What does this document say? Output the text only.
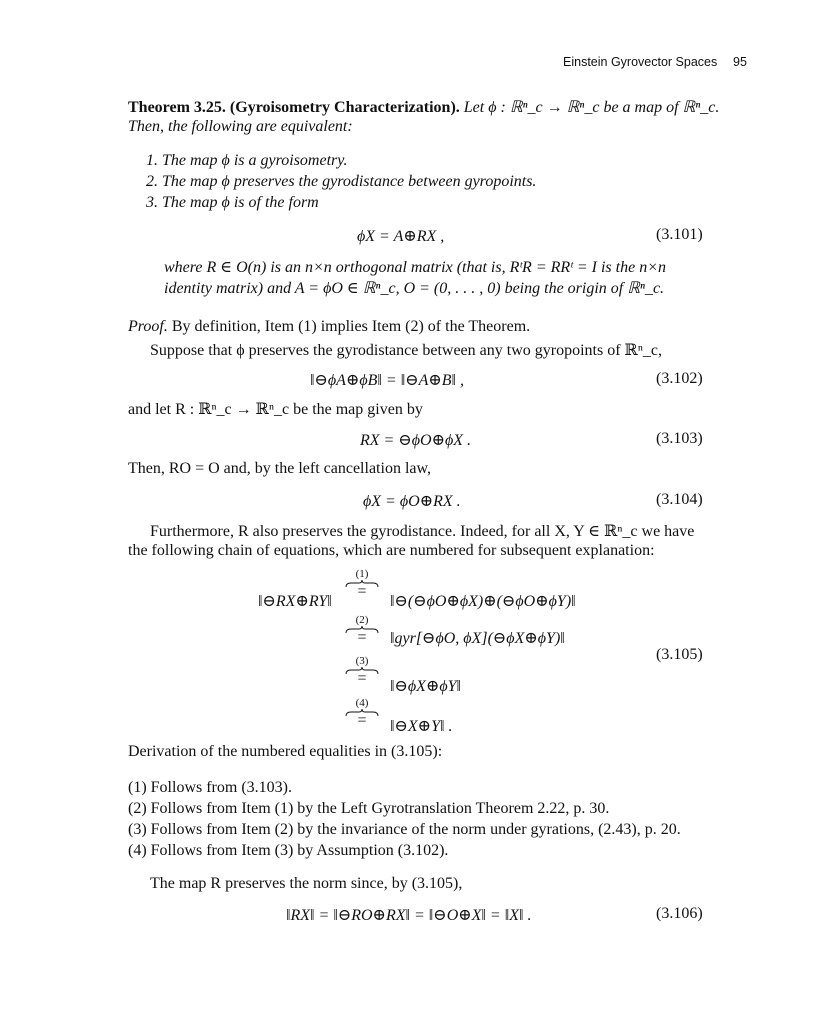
Einstein Gyrovector Spaces 95
Theorem 3.25. (Gyroisometry Characterization). Let ϕ : ℝⁿ_c → ℝⁿ_c be a map of ℝⁿ_c.
Then, the following are equivalent:
1. The map ϕ is a gyroisometry.
2. The map ϕ preserves the gyrodistance between gyropoints.
3. The map ϕ is of the form
ϕX = A⊕RX ,	(3.101)
where R ∈ O(n) is an n×n orthogonal matrix (that is, RᵗR = RRᵗ = I is the n×n
identity matrix) and A = ϕO ∈ ℝⁿ_c, O = (0, . . . , 0) being the origin of ℝⁿ_c.
Proof. By definition, Item (1) implies Item (2) of the Theorem.
Suppose that ϕ preserves the gyrodistance between any two gyropoints of ℝⁿ_c,
‖⊖ϕA⊕ϕB‖ = ‖⊖A⊕B‖ ,	(3.102)
and let R : ℝⁿ_c → ℝⁿ_c be the map given by
RX = ⊖ϕO⊕ϕX .	(3.103)
Then, RO = O and, by the left cancellation law,
ϕX = ϕO⊕RX .	(3.104)
Furthermore, R also preserves the gyrodistance. Indeed, for all X, Y ∈ ℝⁿ_c we have
the following chain of equations, which are numbered for subsequent explanation:
‖⊖RX⊕RY‖
(1)
=
‖⊖(⊖ϕO⊕ϕX)⊕(⊖ϕO⊕ϕY)‖
(2)
=
‖gyr[⊖ϕO, ϕX](⊖ϕX⊕ϕY)‖
(3.105)
(3)
=
‖⊖ϕX⊕ϕY‖
(4)
=
‖⊖X⊕Y‖ .
Derivation of the numbered equalities in (3.105):
(1) Follows from (3.103).
(2) Follows from Item (1) by the Left Gyrotranslation Theorem 2.22, p. 30.
(3) Follows from Item (2) by the invariance of the norm under gyrations, (2.43), p. 20.
(4) Follows from Item (3) by Assumption (3.102).
The map R preserves the norm since, by (3.105),
‖RX‖ = ‖⊖RO⊕RX‖ = ‖⊖O⊕X‖ = ‖X‖ .	(3.106)
